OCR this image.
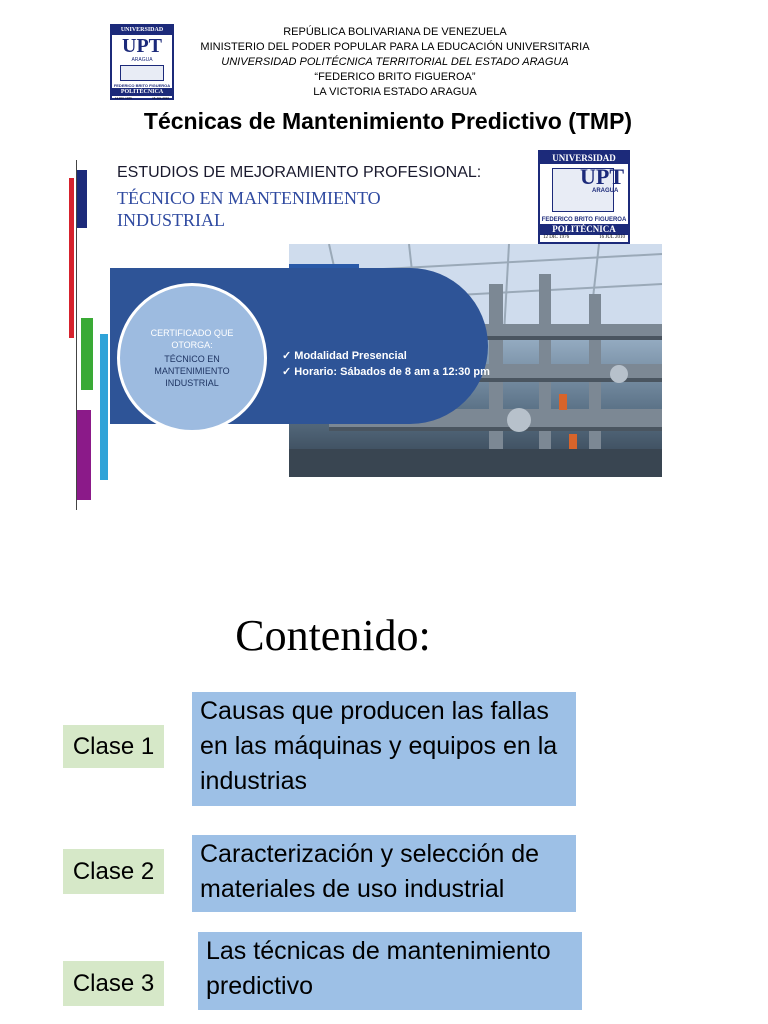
UNIVERSIDAD
UPT
ARAGUA
FEDERICO BRITO FIGUEROA
POLITÉCNICA
12 DIC 1976	16 JUL 2010
REPÚBLICA BOLIVARIANA DE VENEZUELA
MINISTERIO DEL PODER POPULAR PARA LA EDUCACIÓN UNIVERSITARIA
UNIVERSIDAD POLITÉCNICA TERRITORIAL DEL ESTADO ARAGUA
“FEDERICO BRITO FIGUEROA”
LA VICTORIA ESTADO ARAGUA
Técnicas de Mantenimiento Predictivo (TMP)
ESTUDIOS DE MEJORAMIENTO PROFESIONAL:
TÉCNICO EN MANTENIMIENTO
INDUSTRIAL
UNIVERSIDAD
UPT
ARAGUA
FEDERICO BRITO FIGUEROA
POLITÉCNICA
12 DIC 1976	16 JUL 2010
CERTIFICADO QUE OTORGA:
TÉCNICO EN MANTENIMIENTO INDUSTRIAL
✓ Modalidad Presencial
✓ Horario: Sábados de 8 am a 12:30 pm
Contenido:
Clase 1
Causas que producen las fallas en las máquinas y equipos en la industrias
Clase 2
Caracterización y selección de materiales de uso industrial
Clase 3
Las técnicas de mantenimiento predictivo
